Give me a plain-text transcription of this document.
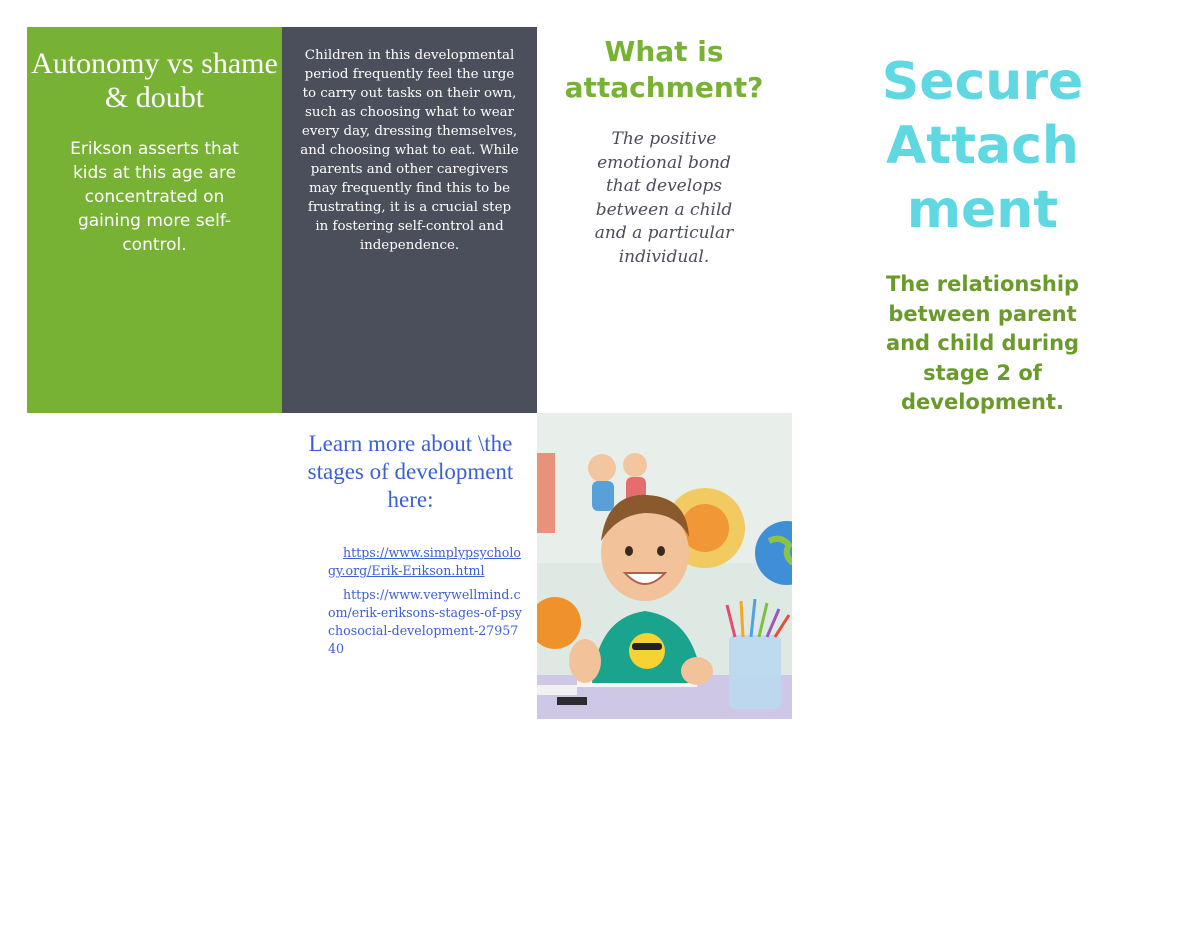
Autonomy vs shame & doubt

Erikson asserts that kids at this age are concentrated on gaining more self-control.

Children in this developmental period frequently feel the urge to carry out tasks on their own, such as choosing what to wear every day, dressing themselves, and choosing what to eat. While parents and other caregivers may frequently find this to be frustrating, it is a crucial step in fostering self-control and independence.

What is attachment?

The positive emotional bond that develops between a child and a particular individual.

Secure Attachment

The relationship between parent and child during stage 2 of development.

Learn more about \the stages of development here:

https://www.simplypsychology.org/Erik-Erikson.html
https://www.verywellmind.com/erik-eriksons-stages-of-psychosocial-development-2795740
